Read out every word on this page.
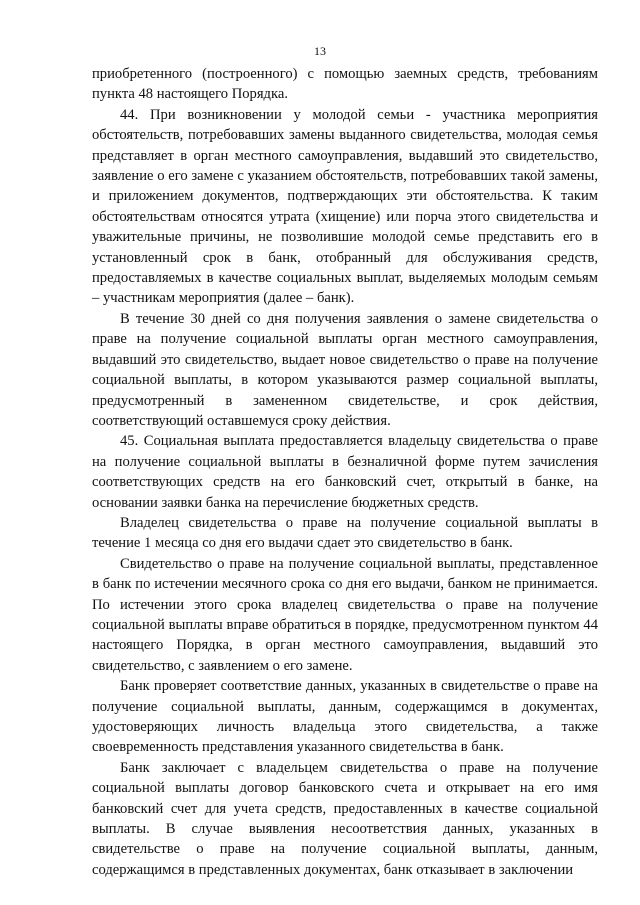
13

приобретенного (построенного) с помощью заемных средств, требованиям пункта 48 настоящего Порядка.

44. При возникновении у молодой семьи - участника мероприятия обстоятельств, потребовавших замены выданного свидетельства, молодая семья представляет в орган местного самоуправления, выдавший это свидетельство, заявление о его замене с указанием обстоятельств, потребовавших такой замены, и приложением документов, подтверждающих эти обстоятельства. К таким обстоятельствам относятся утрата (хищение) или порча этого свидетельства и уважительные причины, не позволившие молодой семье представить его в установленный срок в банк, отобранный для обслуживания средств, предоставляемых в качестве социальных выплат, выделяемых молодым семьям – участникам мероприятия (далее – банк).

В течение 30 дней со дня получения заявления о замене свидетельства о праве на получение социальной выплаты орган местного самоуправления, выдавший это свидетельство, выдает новое свидетельство о праве на получение социальной выплаты, в котором указываются размер социальной выплаты, предусмотренный в замененном свидетельстве, и срок действия, соответствующий оставшемуся сроку действия.

45. Социальная выплата предоставляется владельцу свидетельства о праве на получение социальной выплаты в безналичной форме путем зачисления соответствующих средств на его банковский счет, открытый в банке, на основании заявки банка на перечисление бюджетных средств.

Владелец свидетельства о праве на получение социальной выплаты в течение 1 месяца со дня его выдачи сдает это свидетельство в банк.

Свидетельство о праве на получение социальной выплаты, представленное в банк по истечении месячного срока со дня его выдачи, банком не принимается. По истечении этого срока владелец свидетельства о праве на получение социальной выплаты вправе обратиться в порядке, предусмотренном пунктом 44 настоящего Порядка, в орган местного самоуправления, выдавший это свидетельство, с заявлением о его замене.

Банк проверяет соответствие данных, указанных в свидетельстве о праве на получение социальной выплаты, данным, содержащимся в документах, удостоверяющих личность владельца этого свидетельства, а также своевременность представления указанного свидетельства в банк.

Банк заключает с владельцем свидетельства о праве на получение социальной выплаты договор банковского счета и открывает на его имя банковский счет для учета средств, предоставленных в качестве социальной выплаты. В случае выявления несоответствия данных, указанных в свидетельстве о праве на получение социальной выплаты, данным, содержащимся в представленных документах, банк отказывает в заключении
